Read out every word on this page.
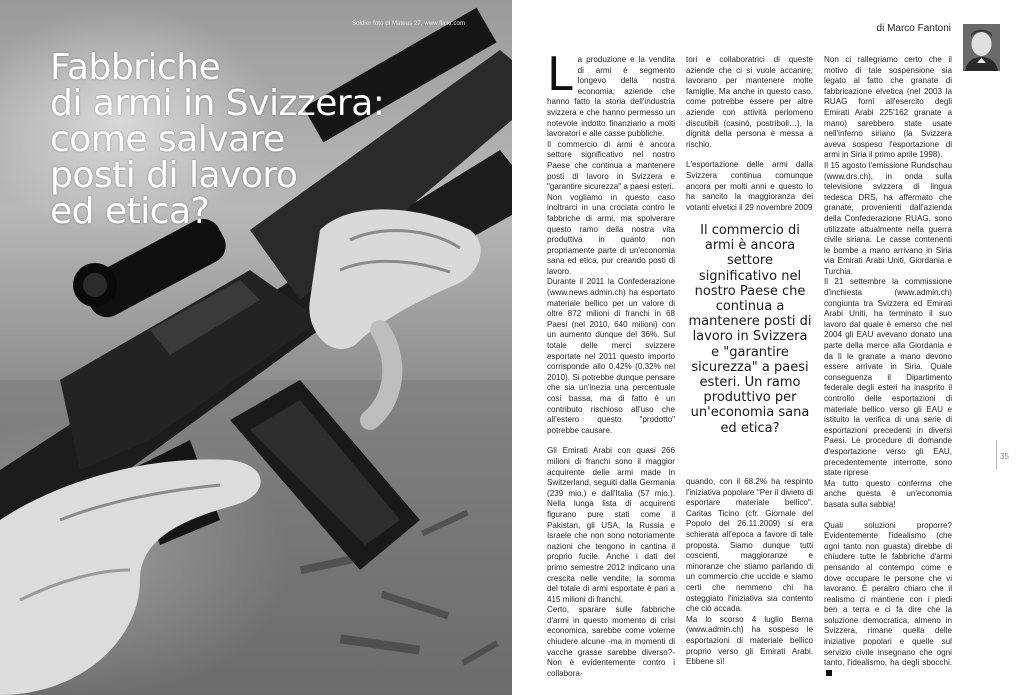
Soldier foto di Mateus 27, www.flickr.com
Fabbriche
di armi in Svizzera:
come salvare
posti di lavoro
ed etica?
di Marco Fantoni

La produzione e la vendita di armi è segmento longevo della nostra economia; aziende che hanno fatto la storia dell'industria svizzera e che hanno permesso un notevole indotto finanziario a molti lavoratori e alle casse pubbliche.

Il commercio di armi è ancora settore significativo nel nostro Paese che continua a mantenere posti di lavoro in Svizzera e "garantire sicurezza" a paesi esteri.

Non vogliamo in questo caso inoltrarci in una crociata contro le fabbriche di armi, ma spolverare questo ramo della nostra vita produttiva in quanto non propriamente parte di un'economia sana ed etica, pur creando posti di lavoro.

Durante il 2011 la Confederazione (www.news.admin.ch) ha esportato materiale bellico per un valore di oltre 872 milioni di franchi in 68 Paesi (nel 2010, 640 milioni) con un aumento dunque del 36%. Sul totale delle merci svizzere esportate nel 2011 questo importo corrisponde allo 0.42% (0.32% nel 2010). Si potrebbe dunque pensare che sia un'inezia una percentuale così bassa, ma di fatto è un contributo rischioso all'uso che all'estero questo "prodotto" potrebbe causare.

Gli Emirati Arabi con quasi 266 milioni di franchi sono il maggior acquirente delle armi made in Switzerland, seguiti dalla Germania (239 mio.) e dall'Italia (57 mio.). Nella lunga lista di acquirenti figurano pure stati come il Pakistan, gli USA, la Russia e Israele che non sono notoriamente nazioni che tengono in cantina il proprio fucile. Anche i dati del primo semestre 2012 indicano una crescita nelle vendite; la somma del totale di armi esportate è pari a 415 milioni di franchi.

Certo, sparare sulle fabbriche d'armi in questo momento di crisi economica, sarebbe come volerne chiudere alcune -ma in momenti di vacche grasse sarebbe diverso?- Non è evidentemente contro i collabora-

tori e collaboratrici di queste aziende che ci si vuole accanire; lavorano per mantenere molte famiglie. Ma anche in questo caso, come potrebbe essere per altre aziende con attività perlomeno discutibili (casinò, postriboli…), la dignità della persona è messa a rischio.

L'esportazione delle armi dalla Svizzera continua comunque ancora per molti anni e questo lo ha sancito la maggioranza dei votanti elvetici il 29 novembre 2009

Il commercio di armi è ancora settore significativo nel nostro Paese che continua a mantenere posti di lavoro in Svizzera e "garantire sicurezza" a paesi esteri. Un ramo produttivo per un'economia sana ed etica?

quando, con il 68.2% ha respinto l'iniziativa popolare "Per il divieto di esportare materiale bellico". Caritas Ticino (cfr. Giornale del Popolo del 26.11.2009) si era schierata all'epoca a favore di tale proposta. Siamo dunque tutti coscienti, maggioranze e minoranze che stiamo parlando di un commercio che uccide e siamo certi che nemmeno chi ha osteggiato l'iniziativa sia contento che ciò accada.

Ma lo scorso 4 luglio Berna (www.admin.ch) ha sospeso le esportazioni di materiale bellico proprio verso gli Emirati Arabi. Ebbene sì!

Non ci rallegriamo certo che il motivo di tale sospensione sia legato al fatto che granate di fabbricazione elvetica (nel 2003 la RUAG fornì all'esercito degli Emirati Arabi 225'162 granate a mano) sarebbero state usate nell'inferno siriano (la Svizzera aveva sospeso l'esportazione di armi in Siria il primo aprile 1998).

Il 15 agosto l'emissione Rundschau (www.drs.ch), in onda sulla televisione svizzera di lingua tedesca DRS, ha affermato che granate, provenienti dall'azienda della Confederazione RUAG, sono utilizzate attualmente nella guerra civile siriana. Le casse contenenti le bombe a mano arrivano in Siria via Emirati Arabi Uniti, Giordania e Turchia.

Il 21 settembre la commissione d'inchiesta (www.admin.ch) congiunta tra Svizzera ed Emirati Arabi Uniti, ha terminato il suo lavoro dal quale è emerso che nel 2004 gli EAU avevano donato una parte della merce alla Giordania e da lì le granate a mano devono essere arrivate in Siria. Quale conseguenza il Dipartimento federale degli esteri ha inasprito il controllo delle esportazioni di materiale bellico verso gli EAU e istituito la verifica di una serie di esportazioni precedenti in diversi Paesi. Le procedure di domande d'esportazione verso gli EAU, precedentemente interrotte, sono state riprese

Ma tutto questo conferma che anche questa è un'economia basata sulla sabbia!

Quali soluzioni proporre? Evidentemente l'idealismo (che ogni tanto non guasta) direbbe di chiudere tutte le fabbriche d'armi pensando al contempo come e dove occupare le persone che vi lavorano. È peraltro chiaro che il realismo ci mantiene con i piedi ben a terra e ci fa dire che la soluzione democratica, almeno in Svizzera, rimane quella delle iniziative popolari e quelle sul servizio civile insegnano che ogni tanto, l'idealismo, ha degli sbocchi.

35
